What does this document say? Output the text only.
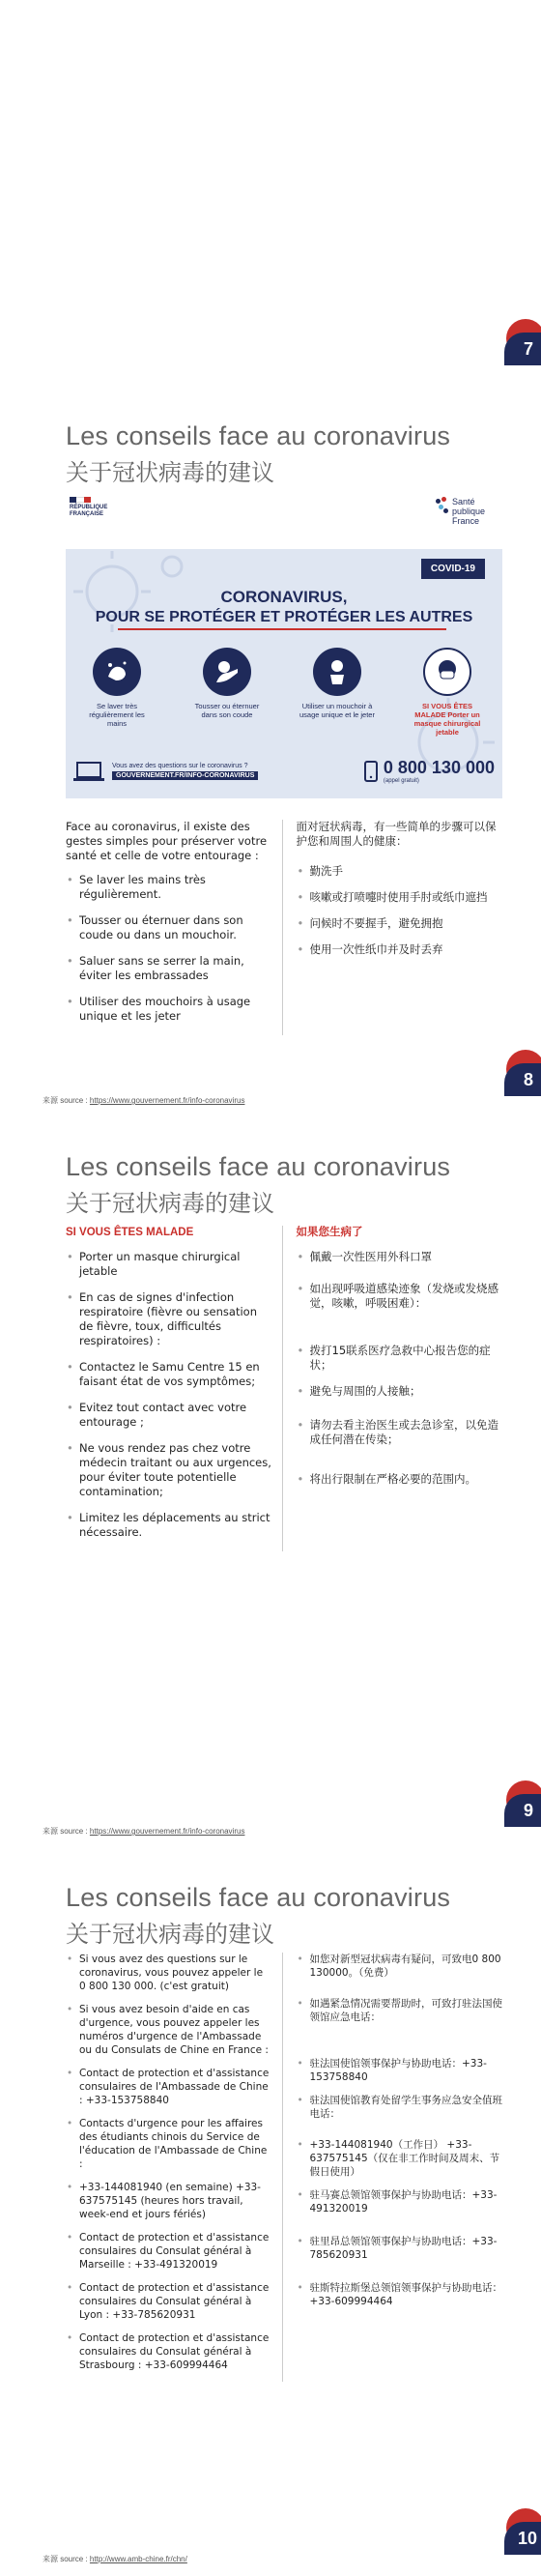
7
Les conseils face au coronavirus
关于冠状病毒的建议
RÉPUBLIQUE
FRANÇAISE
Santé
publique
France
COVID-19
CORONAVIRUS,
POUR SE PROTÉGER ET PROTÉGER LES AUTRES
Se laver très régulièrement les mains
Tousser ou éternuer dans son coude
Utiliser un mouchoir à usage unique et le jeter
SI VOUS ÊTES MALADE Porter un masque chirurgical jetable
Vous avez des questions sur le coronavirus ?
GOUVERNEMENT.FR/INFO-CORONAVIRUS	0 800 130 000
(appel gratuit)

Face au coronavirus, il existe des gestes simples pour préserver votre santé et celle de votre entourage :

• Se laver les mains très régulièrement.
• Tousser ou éternuer dans son coude ou dans un mouchoir.
• Saluer sans se serrer la main, éviter les embrassades
• Utiliser des mouchoirs à usage unique et les jeter

面对冠状病毒，有一些简单的步骤可以保护您和周围人的健康：

• 勤洗手
• 咳嗽或打喷嚏时使用手肘或纸巾遮挡
• 问候时不要握手，避免拥抱
• 使用一次性纸巾并及时丢弃
来源 source : https://www.gouvernement.fr/info-coronavirus
8
Les conseils face au coronavirus
关于冠状病毒的建议
SI VOUS ÊTES MALADE
• Porter un masque chirurgical jetable
• En cas de signes d'infection respiratoire (fièvre ou sensation de fièvre, toux, difficultés respiratoires) :
• Contactez le Samu Centre 15 en faisant état de vos symptômes;
• Evitez tout contact avec votre entourage ;
• Ne vous rendez pas chez votre médecin traitant ou aux urgences, pour éviter toute potentielle contamination;
• Limitez les déplacements au strict nécessaire.
如果您生病了
• 佩戴一次性医用外科口罩
• 如出现呼吸道感染迹象（发烧或发烧感觉，咳嗽，呼吸困难）：
• 拨打15联系医疗急救中心报告您的症状；
• 避免与周围的人接触；
• 请勿去看主治医生或去急诊室，以免造成任何潜在传染；
• 将出行限制在严格必要的范围内。
来源 source : https://www.gouvernement.fr/info-coronavirus
9
Les conseils face au coronavirus
关于冠状病毒的建议
• Si vous avez des questions sur le coronavirus, vous pouvez appeler le 0 800 130 000. (c'est gratuit)
• Si vous avez besoin d'aide en cas d'urgence, vous pouvez appeler les numéros d'urgence de l'Ambassade ou du Consulats de Chine en France :
• Contact de protection et d'assistance consulaires de l'Ambassade de Chine : +33-153758840
• Contacts d'urgence pour les affaires des étudiants chinois du Service de l'éducation de l'Ambassade de Chine :
• +33-144081940 (en semaine) +33-637575145 (heures hors travail, week-end et jours fériés)
• Contact de protection et d'assistance consulaires du Consulat général à Marseille : +33-491320019
• Contact de protection et d'assistance consulaires du Consulat général à Lyon : +33-785620931
• Contact de protection et d'assistance consulaires du Consulat général à Strasbourg : +33-609994464
• 如您对新型冠状病毒有疑问，可致电0 800 130000。（免费）
• 如遇紧急情况需要帮助时，可致打驻法国使领馆应急电话：
• 驻法国使馆领事保护与协助电话：+33-153758840
• 驻法国使馆教育处留学生事务应急安全值班电话：
• +33-144081940（工作日） +33-637575145（仅在非工作时间及周末、节假日使用）
• 驻马赛总领馆领事保护与协助电话：+33-491320019
• 驻里昂总领馆领事保护与协助电话：+33-785620931
• 驻斯特拉斯堡总领馆领事保护与协助电话：+33-609994464
来源 source : http://www.amb-chine.fr/chn/
10
